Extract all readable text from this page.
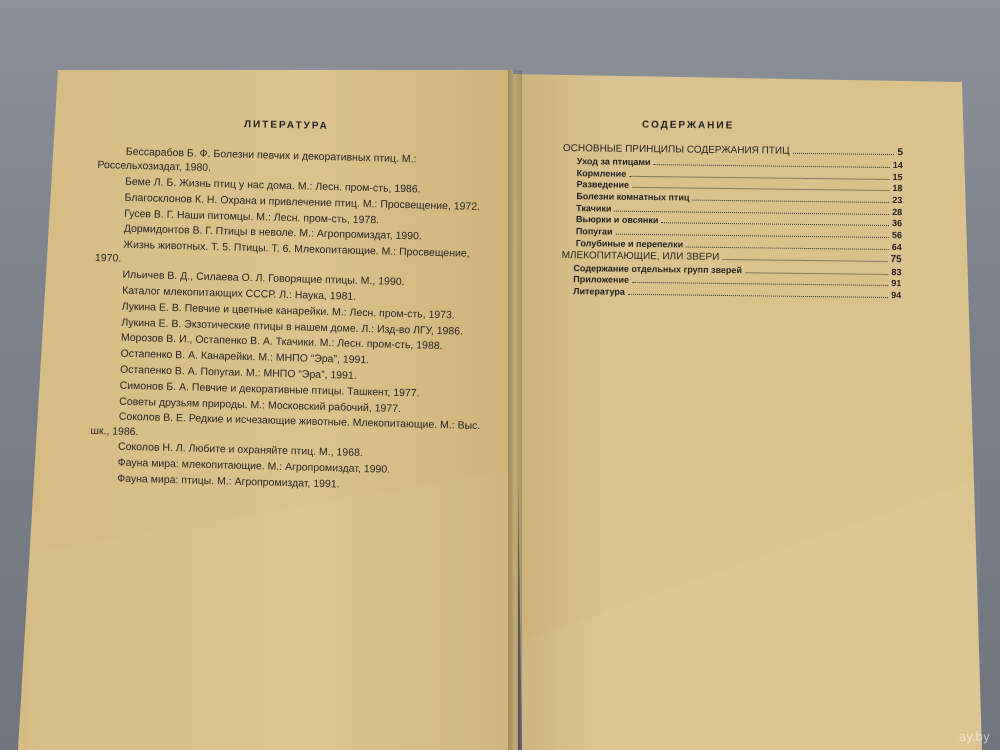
ЛИТЕРАТУРА
Бессарабов Б. Ф. Болезни певчих и декоративных птиц. М.: Россельхозиздат, 1980.
Беме Л. Б. Жизнь птиц у нас дома. М.: Лесн. пром-сть, 1986.
Благосклонов К. Н. Охрана и привлечение птиц. М.: Просвещение, 1972.
Гусев В. Г. Наши питомцы. М.: Лесн. пром-сть, 1978.
Дормидонтов В. Г. Птицы в неволе. М.: Агропромиздат, 1990.
Жизнь животных. Т. 5. Птицы. Т. 6. Млекопитающие. М.: Просвещение, 1970.
Ильичев В. Д., Силаева О. Л. Говорящие птицы. М., 1990.
Каталог млекопитающих СССР. Л.: Наука, 1981.
Лукина Е. В. Певчие и цветные канарейки. М.: Лесн. пром-сть, 1973.
Лукина Е. В. Экзотические птицы в нашем доме. Л.: Изд-во ЛГУ, 1986.
Морозов В. И., Остапенко В. А. Ткачики. М.: Лесн. пром-сть, 1988.
Остапенко В. А. Канарейки. М.: МНПО “Эра”, 1991.
Остапенко В. А. Попугаи. М.: МНПО “Эра”, 1991.
Симонов Б. А. Певчие и декоративные птицы. Ташкент, 1977.
Советы друзьям природы. М.: Московский рабочий, 1977.
Соколов В. Е. Редкие и исчезающие животные. Млекопитающие. М.: Выс. шк., 1986.
Соколов Н. Л. Любите и охраняйте птиц. М., 1968.
Фауна мира: млекопитающие. М.: Агропромиздат, 1990.
Фауна мира: птицы. М.: Агропромиздат, 1991.
СОДЕРЖАНИЕ
ОСНОВНЫЕ ПРИНЦИПЫ СОДЕРЖАНИЯ ПТИЦ	5
Уход за птицами	14
Кормление	15
Разведение	18
Болезни комнатных птиц	23
Ткачики	28
Вьюрки и овсянки	36
Попугаи	56
Голубиные и перепелки	64
МЛЕКОПИТАЮЩИЕ, ИЛИ ЗВЕРИ	75
Содержание отдельных групп зверей	83
Приложение	91
Литература	94
ay.by
